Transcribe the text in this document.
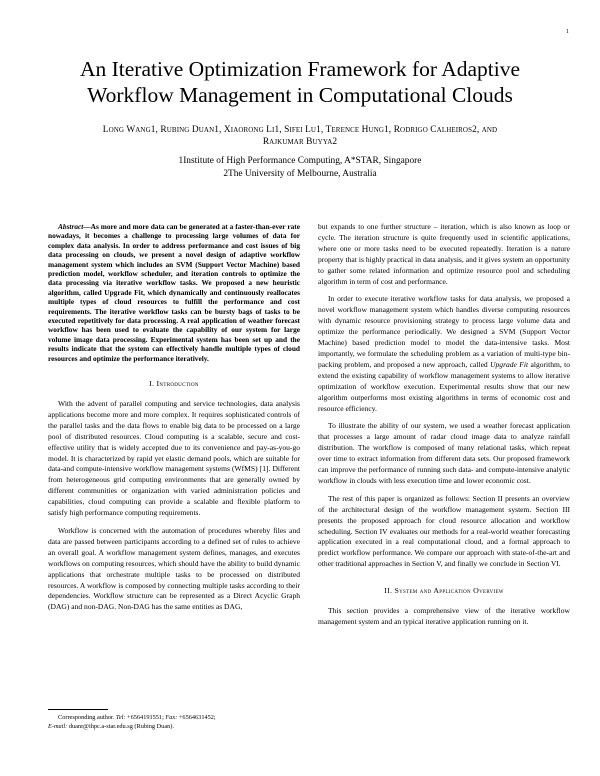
1
An Iterative Optimization Framework for Adaptive
Workflow Management in Computational Clouds
Long Wang1, Rubing Duan1, Xiaorong Li1, Sifei Lu1, Terence Hung1, Rodrigo Calheiros2, and
Rajkumar Buyya2
1Institute of High Performance Computing, A*STAR, Singapore
2The University of Melbourne, Australia

Abstract—As more and more data can be generated at a faster-than-ever rate nowadays, it becomes a challenge to processing large volumes of data for complex data analysis. In order to address performance and cost issues of big data processing on clouds, we present a novel design of adaptive workflow management system which includes an SVM (Support Vector Machine) based prediction model, workflow scheduler, and iteration controls to optimize the data processing via iterative workflow tasks. We proposed a new heuristic algorithm, called Upgrade Fit, which dynamically and continuously reallocates multiple types of cloud resources to fulfill the performance and cost requirements. The iterative workflow tasks can be bursty bags of tasks to be executed repetitively for data processing. A real application of weather forecast workflow has been used to evaluate the capability of our system for large volume image data processing. Experimental system has been set up and the results indicate that the system can effectively handle multiple types of cloud resources and optimize the performance iteratively.

I. Introduction

With the advent of parallel computing and service technologies, data analysis applications become more and more complex. It requires sophisticated controls of the parallel tasks and the data flows to enable big data to be processed on a large pool of distributed resources. Cloud computing is a scalable, secure and cost-effective utility that is widely accepted due to its convenience and pay-as-you-go model. It is characterized by rapid yet elastic demand pools, which are suitable for data-and compute-intensive workflow management systems (WfMS) [1]. Different from heterogeneous grid computing environments that are generally owned by different communities or organization with varied administration policies and capabilities, cloud computing can provide a scalable and flexible platform to satisfy high performance computing requirements.

Workflow is concerned with the automation of procedures whereby files and data are passed between participants according to a defined set of rules to achieve an overall goal. A workflow management system defines, manages, and executes workflows on computing resources, which should have the ability to build dynamic applications that orchestrate multiple tasks to be processed on distributed resources. A workflow is composed by connecting multiple tasks according to their dependencies. Workflow structure can be represented as a Direct Acyclic Graph (DAG) and non-DAG. Non-DAG has the same entities as DAG,

but expands to one further structure – iteration, which is also known as loop or cycle. The iteration structure is quite frequently used in scientific applications, where one or more tasks need to be executed repeatedly. Iteration is a nature property that is highly practical in data analysis, and it gives system an opportunity to gather some related information and optimize resource pool and scheduling algorithm in term of cost and performance.

In order to execute iterative workflow tasks for data analysis, we proposed a novel workflow management system which handles diverse computing resources with dynamic resource provisioning strategy to process large volume data and optimize the performance periodically. We designed a SVM (Support Vector Machine) based prediction model to model the data-intensive tasks. Most importantly, we formulate the scheduling problem as a variation of multi-type bin-packing problem, and proposed a new approach, called Upgrade Fit algorithm, to extend the existing capability of workflow management systems to allow iterative optimization of workflow execution. Experimental results show that our new algorithm outperforms most existing algorithms in terms of economic cost and resource efficiency.

To illustrate the ability of our system, we used a weather forecast application that processes a large amount of radar cloud image data to analyze rainfall distribution. The workflow is composed of many relational tasks, which repeat over time to extract information from different data sets. Our proposed framework can improve the performance of running such data- and compute-intensive analytic workflow in clouds with less execution time and lower economic cost.

The rest of this paper is organized as follows: Section II presents an overview of the architectural design of the workflow management system. Section III presents the proposed approach for cloud resource allocation and workflow scheduling. Section IV evaluates our methods for a real-world weather forecasting application executed in a real computational cloud, and a formal approach to predict workflow performance. We compare our approach with state-of-the-art and other traditional approaches in Section V, and finally we conclude in Section VI.

II. System and Application Overview

This section provides a comprehensive view of the iterative workflow management system and an typical iterative application running on it.

Corresponding author. Tel: +6564191551; Fax: +6564631452;
E-mail: duanr@ihpc.a-star.edu.sg (Rubing Duan).
